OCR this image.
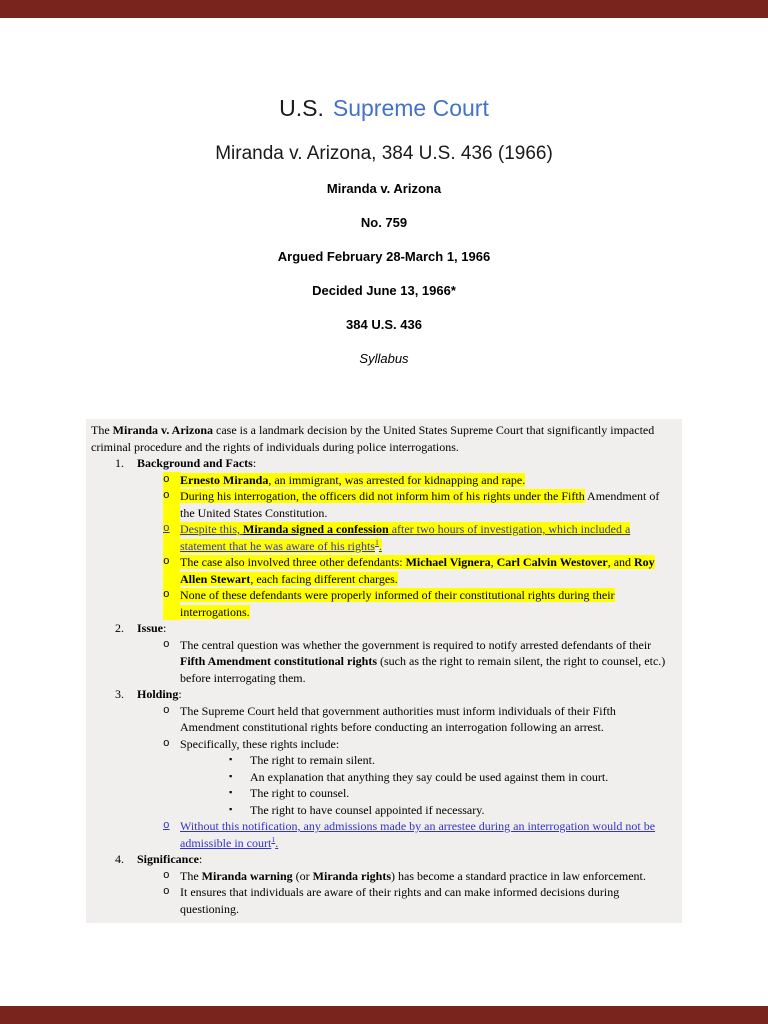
U.S. Supreme Court
Miranda v. Arizona, 384 U.S. 436 (1966)

Miranda v. Arizona

No. 759

Argued February 28-March 1, 1966

Decided June 13, 1966*

384 U.S. 436

Syllabus

The Miranda v. Arizona case is a landmark decision by the United States Supreme Court that significantly impacted criminal procedure and the rights of individuals during police interrogations.

1. Background and Facts:
o Ernesto Miranda, an immigrant, was arrested for kidnapping and rape.
o During his interrogation, the officers did not inform him of his rights under the Fifth Amendment of the United States Constitution.
o Despite this, Miranda signed a confession after two hours of investigation, which included a statement that he was aware of his rights$^1$.
o The case also involved three other defendants: Michael Vignera, Carl Calvin Westover, and Roy Allen Stewart, each facing different charges.
o None of these defendants were properly informed of their constitutional rights during their interrogations.
2. Issue:
o The central question was whether the government is required to notify arrested defendants of their Fifth Amendment constitutional rights (such as the right to remain silent, the right to counsel, etc.) before interrogating them.
3. Holding:
o The Supreme Court held that government authorities must inform individuals of their Fifth Amendment constitutional rights before conducting an interrogation following an arrest.
o Specifically, these rights include:
▪	The right to remain silent.
▪	An explanation that anything they say could be used against them in court.
▪	The right to counsel.
▪	The right to have counsel appointed if necessary.
o Without this notification, any admissions made by an arrestee during an interrogation would not be admissible in court$^1$.
4. Significance:
o The Miranda warning (or Miranda rights) has become a standard practice in law enforcement.
o It ensures that individuals are aware of their rights and can make informed decisions during questioning.
